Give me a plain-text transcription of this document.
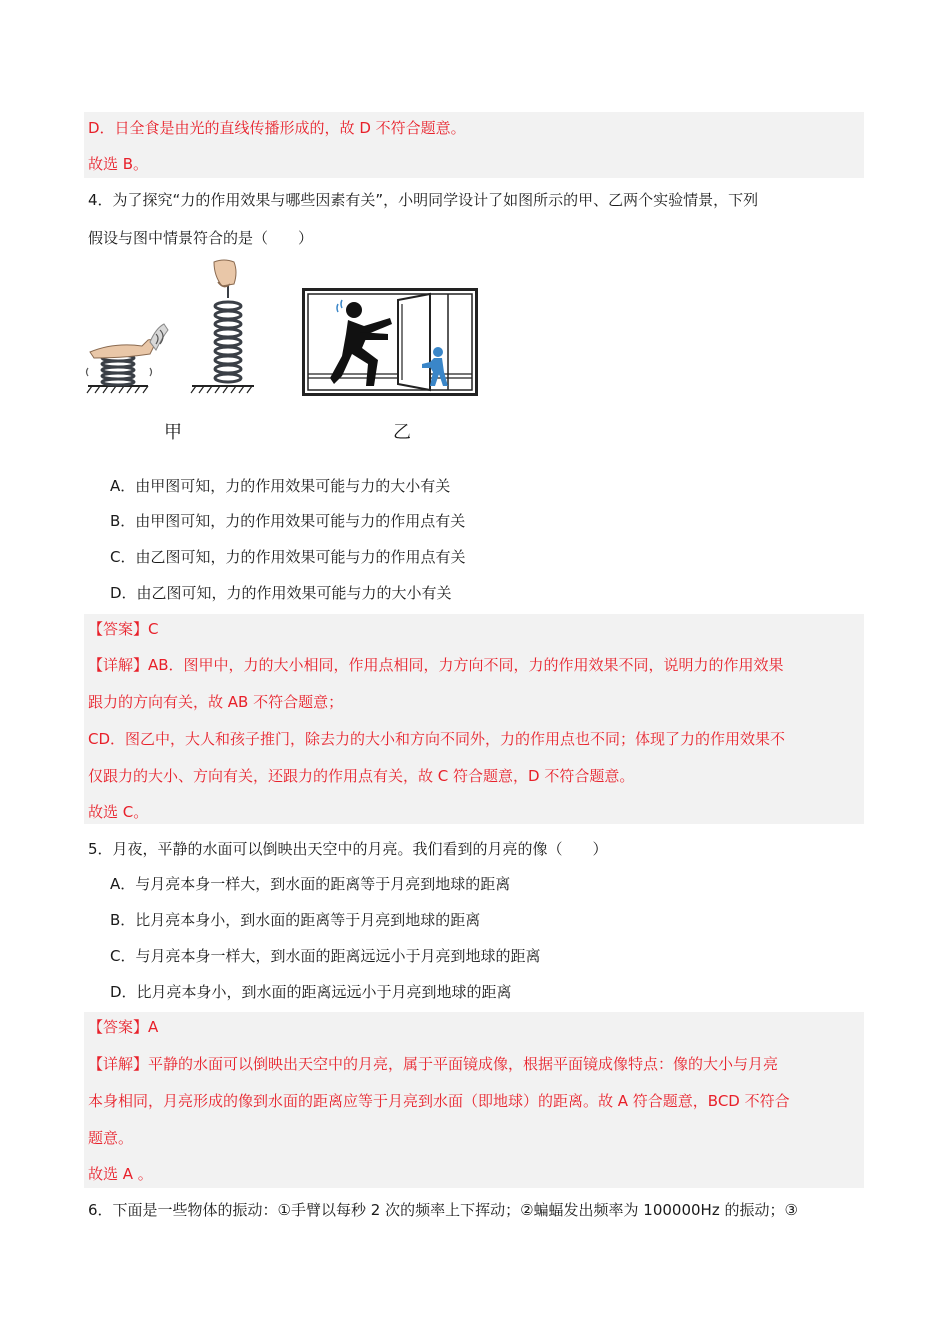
D．日全食是由光的直线传播形成的，故 D 不符合题意。
故选 B。
4．为了探究“力的作用效果与哪些因素有关”，小明同学设计了如图所示的甲、乙两个实验情景，下列
假设与图中情景符合的是（　　）
甲	乙
A．由甲图可知，力的作用效果可能与力的大小有关
B．由甲图可知，力的作用效果可能与力的作用点有关
C．由乙图可知，力的作用效果可能与力的作用点有关
D．由乙图可知，力的作用效果可能与力的大小有关
【答案】C
【详解】AB．图甲中，力的大小相同，作用点相同，力方向不同，力的作用效果不同，说明力的作用效果
跟力的方向有关，故 AB 不符合题意；
CD．图乙中，大人和孩子推门，除去力的大小和方向不同外，力的作用点也不同；体现了力的作用效果不
仅跟力的大小、方向有关，还跟力的作用点有关，故 C 符合题意，D 不符合题意。
故选 C。
5．月夜，平静的水面可以倒映出天空中的月亮。我们看到的月亮的像（　　）
A．与月亮本身一样大，到水面的距离等于月亮到地球的距离
B．比月亮本身小，到水面的距离等于月亮到地球的距离
C．与月亮本身一样大，到水面的距离远远小于月亮到地球的距离
D．比月亮本身小，到水面的距离远远小于月亮到地球的距离
【答案】A
【详解】平静的水面可以倒映出天空中的月亮，属于平面镜成像，根据平面镜成像特点：像的大小与月亮
本身相同，月亮形成的像到水面的距离应等于月亮到水面（即地球）的距离。故 A 符合题意，BCD 不符合
题意。
故选 A 。
6．下面是一些物体的振动：①手臂以每秒 2 次的频率上下挥动；②蝙蝠发出频率为 100000Hz 的振动；③
